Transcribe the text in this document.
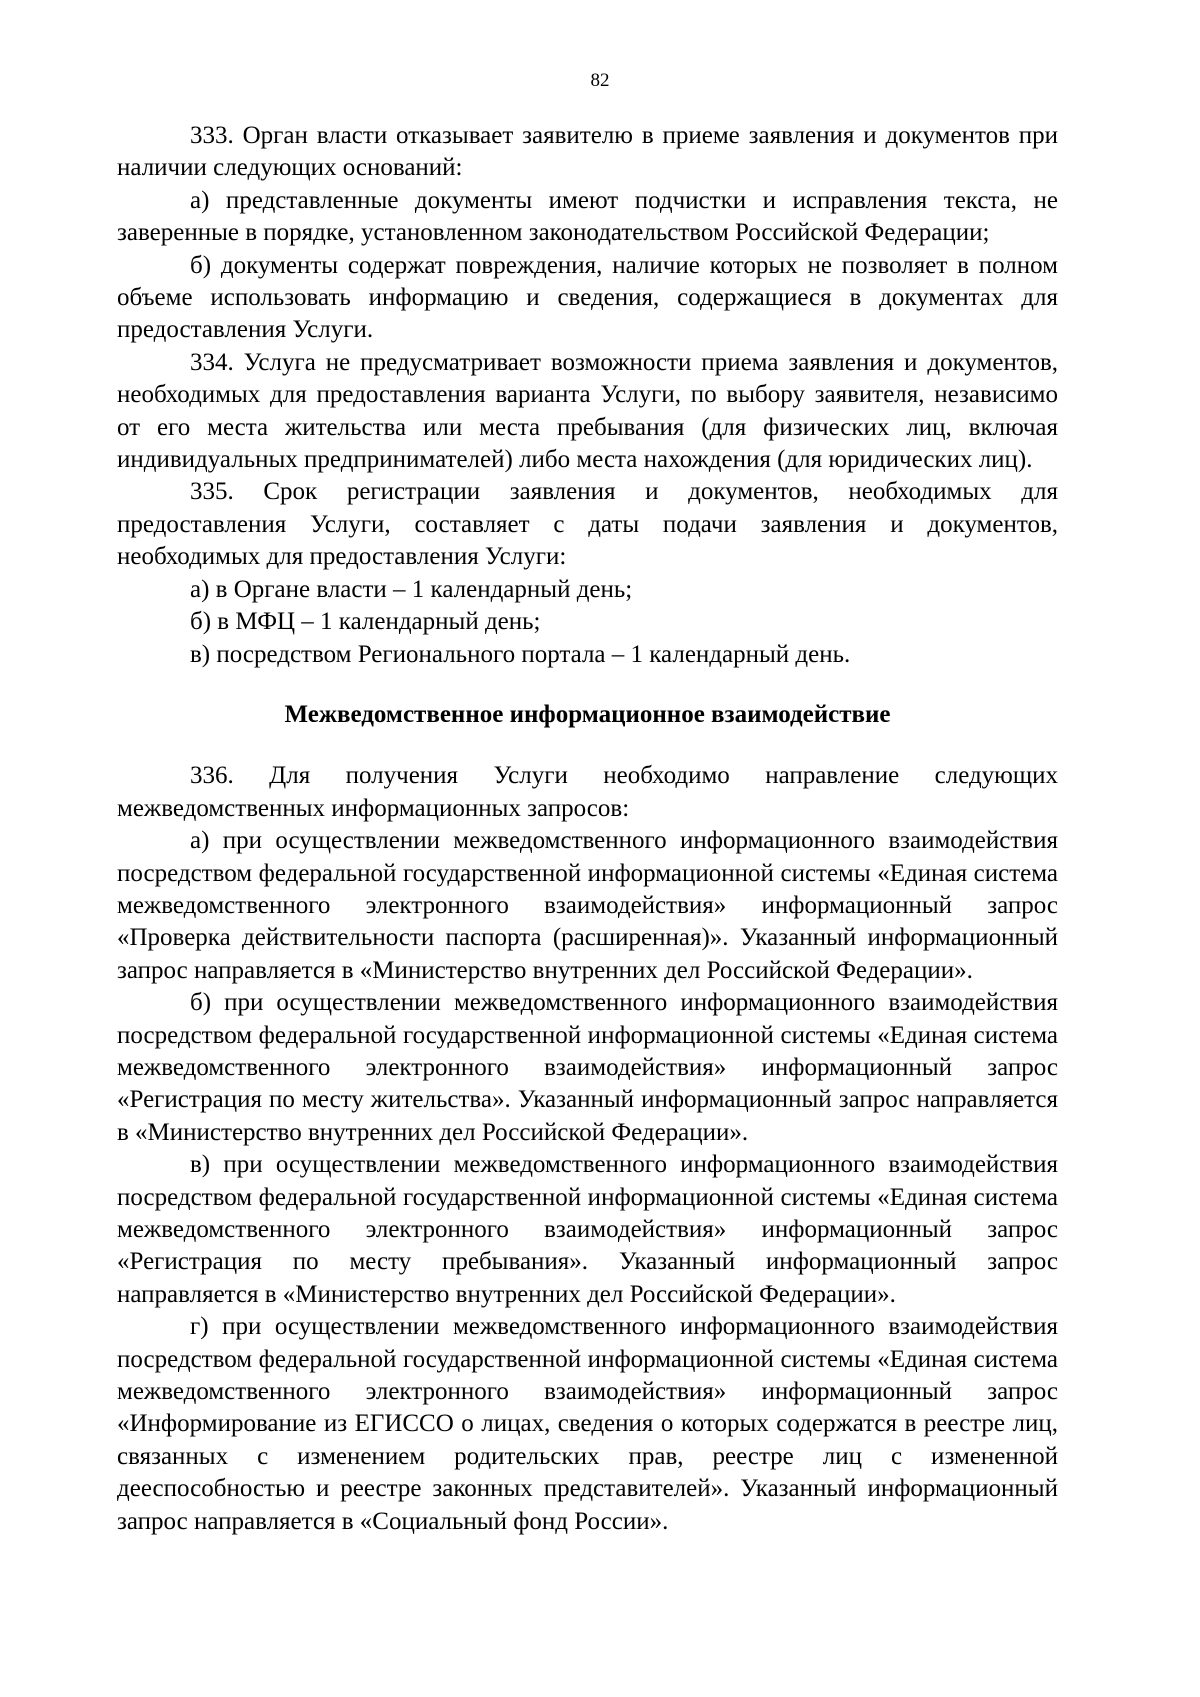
82

333. Орган власти отказывает заявителю в приеме заявления и документов при наличии следующих оснований:

а) представленные документы имеют подчистки и исправления текста, не заверенные в порядке, установленном законодательством Российской Федерации;

б) документы содержат повреждения, наличие которых не позволяет в полном объеме использовать информацию и сведения, содержащиеся в документах для предоставления Услуги.

334. Услуга не предусматривает возможности приема заявления и документов, необходимых для предоставления варианта Услуги, по выбору заявителя, независимо от его места жительства или места пребывания (для физических лиц, включая индивидуальных предпринимателей) либо места нахождения (для юридических лиц).

335. Срок регистрации заявления и документов, необходимых для предоставления Услуги, составляет с даты подачи заявления и документов, необходимых для предоставления Услуги:

а) в Органе власти – 1 календарный день;

б) в МФЦ – 1 календарный день;

в) посредством Регионального портала – 1 календарный день.

Межведомственное информационное взаимодействие

336. Для получения Услуги необходимо направление следующих межведомственных информационных запросов:

а) при осуществлении межведомственного информационного взаимодействия посредством федеральной государственной информационной системы «Единая система межведомственного электронного взаимодействия» информационный запрос «Проверка действительности паспорта (расширенная)». Указанный информационный запрос направляется в «Министерство внутренних дел Российской Федерации».

б) при осуществлении межведомственного информационного взаимодействия посредством федеральной государственной информационной системы «Единая система межведомственного электронного взаимодействия» информационный запрос «Регистрация по месту жительства». Указанный информационный запрос направляется в «Министерство внутренних дел Российской Федерации».

в) при осуществлении межведомственного информационного взаимодействия посредством федеральной государственной информационной системы «Единая система межведомственного электронного взаимодействия» информационный запрос «Регистрация по месту пребывания». Указанный информационный запрос направляется в «Министерство внутренних дел Российской Федерации».

г) при осуществлении межведомственного информационного взаимодействия посредством федеральной государственной информационной системы «Единая система межведомственного электронного взаимодействия» информационный запрос «Информирование из ЕГИССО о лицах, сведения о которых содержатся в реестре лиц, связанных с изменением родительских прав, реестре лиц с измененной дееспособностью и реестре законных представителей». Указанный информационный запрос направляется в «Социальный фонд России».
